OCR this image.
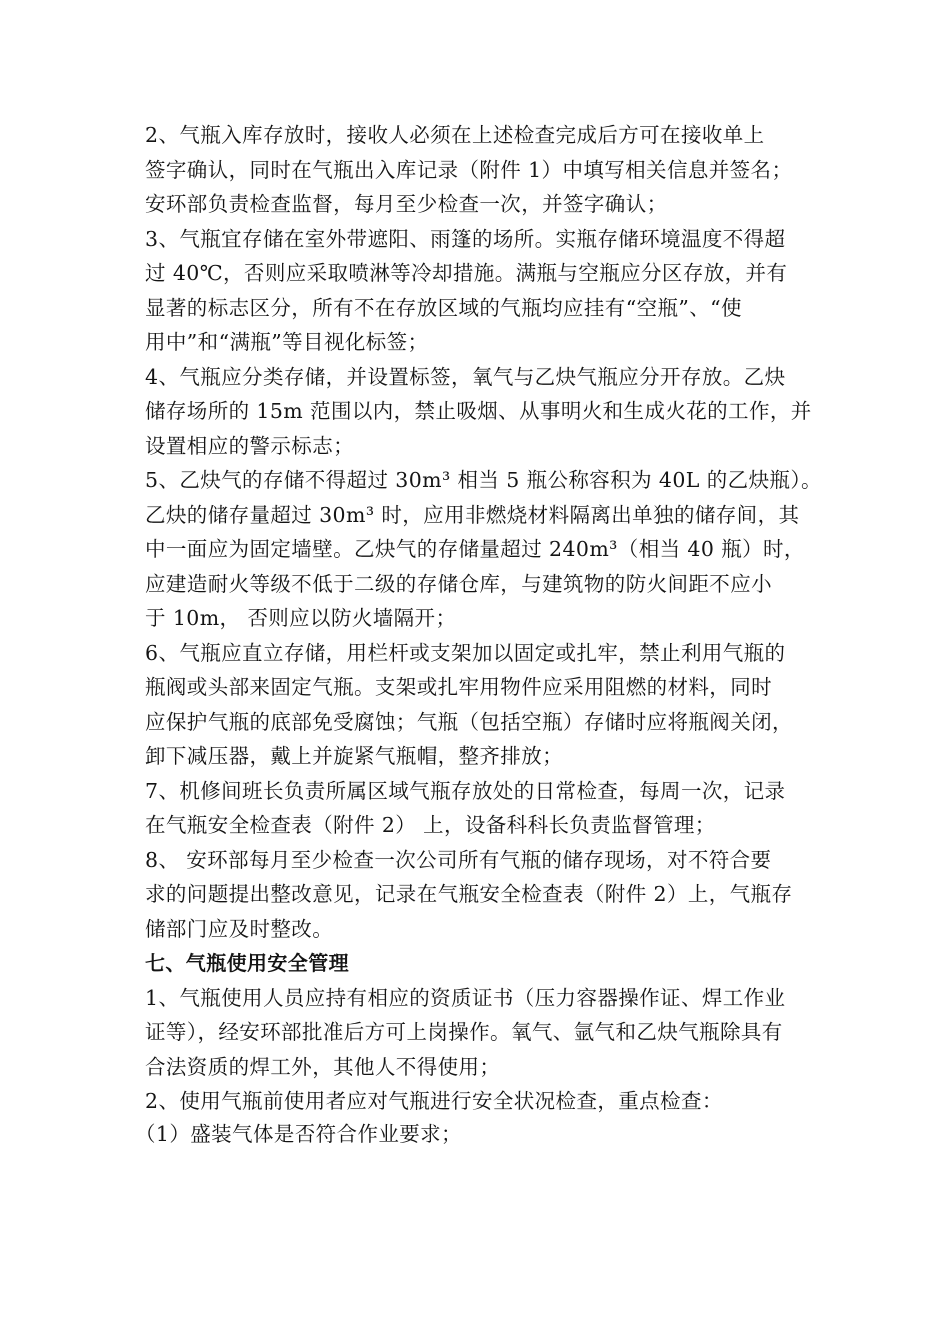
2、气瓶入库存放时，接收人必须在上述检查完成后方可在接收单上
签字确认，同时在气瓶出入库记录（附件 1）中填写相关信息并签名；
安环部负责检查监督，每月至少检查一次，并签字确认；
3、气瓶宜存储在室外带遮阳、雨篷的场所。实瓶存储环境温度不得超
过 40℃，否则应采取喷淋等冷却措施。满瓶与空瓶应分区存放，并有
显著的标志区分，所有不在存放区域的气瓶均应挂有“空瓶”、“使
用中”和“满瓶”等目视化标签；
4、气瓶应分类存储，并设置标签，氧气与乙炔气瓶应分开存放。乙炔
储存场所的 15m 范围以内，禁止吸烟、从事明火和生成火花的工作，并
设置相应的警示标志；
5、乙炔气的存储不得超过 30m³ 相当 5 瓶公称容积为 40L 的乙炔瓶）。
乙炔的储存量超过 30m³ 时，应用非燃烧材料隔离出单独的储存间，其
中一面应为固定墙壁。乙炔气的存储量超过 240m³（相当 40 瓶）时，
应建造耐火等级不低于二级的存储仓库，与建筑物的防火间距不应小
于 10m， 否则应以防火墙隔开；
6、气瓶应直立存储，用栏杆或支架加以固定或扎牢，禁止利用气瓶的
瓶阀或头部来固定气瓶。支架或扎牢用物件应采用阻燃的材料，同时
应保护气瓶的底部免受腐蚀；气瓶（包括空瓶）存储时应将瓶阀关闭，
卸下减压器，戴上并旋紧气瓶帽，整齐排放；
7、机修间班长负责所属区域气瓶存放处的日常检查，每周一次，记录
在气瓶安全检查表（附件 2） 上，设备科科长负责监督管理；
8、 安环部每月至少检查一次公司所有气瓶的储存现场，对不符合要
求的问题提出整改意见，记录在气瓶安全检查表（附件 2）上，气瓶存
储部门应及时整改。
七、气瓶使用安全管理
1、气瓶使用人员应持有相应的资质证书（压力容器操作证、焊工作业
证等），经安环部批准后方可上岗操作。氧气、氩气和乙炔气瓶除具有
合法资质的焊工外，其他人不得使用；
2、使用气瓶前使用者应对气瓶进行安全状况检查，重点检查：
（1）盛装气体是否符合作业要求；
